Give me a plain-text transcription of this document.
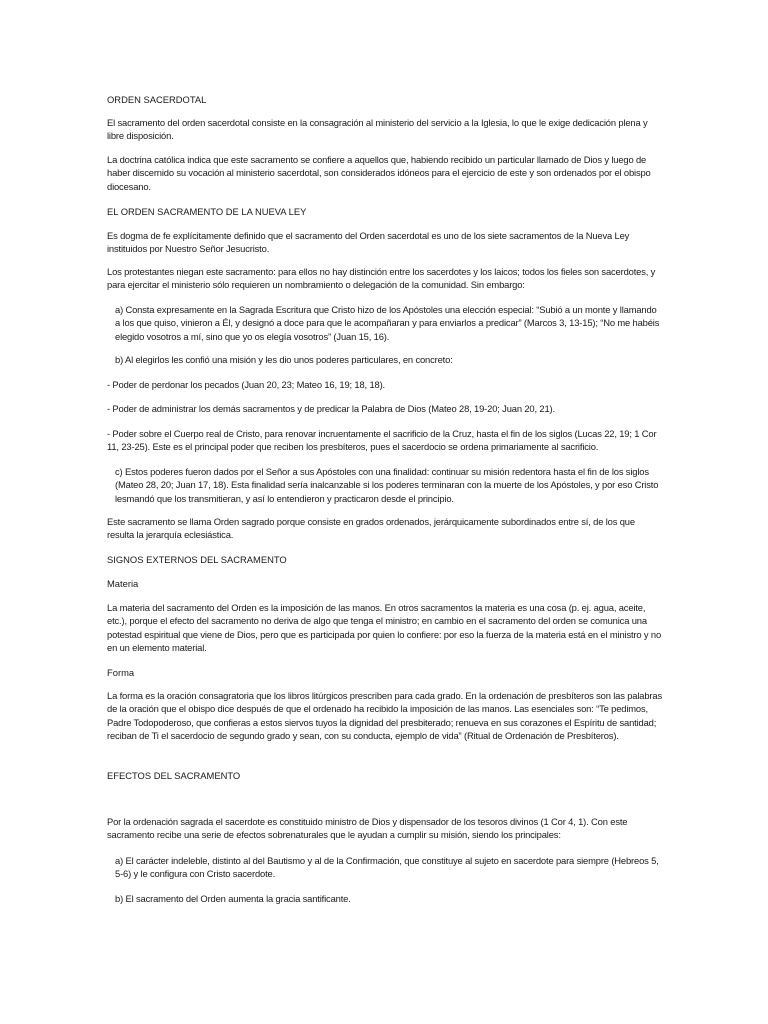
ORDEN SACERDOTAL

El sacramento del orden sacerdotal consiste en la consagración al ministerio del servicio a la Iglesia, lo que le exige dedicación plena y libre disposición.

La doctrina católica indica que este sacramento se confiere a aquellos que, habiendo recibido un particular llamado de Dios y luego de haber discernido su vocación al ministerio sacerdotal, son considerados idóneos para el ejercicio de este y son ordenados por el obispo diocesano.

EL ORDEN SACRAMENTO DE LA NUEVA LEY

Es dogma de fe explícitamente definido que el sacramento del Orden sacerdotal es uno de los siete sacramentos de la Nueva Ley instituidos por Nuestro Señor Jesucristo.

Los protestantes niegan este sacramento: para ellos no hay distinción entre los sacerdotes y los laicos; todos los fieles son sacerdotes, y para ejercitar el ministerio sólo requieren un nombramiento o delegación de la comunidad. Sin embargo:

a) Consta expresamente en la Sagrada Escritura que Cristo hizo de los Apóstoles una elección especial: “Subió a un monte y llamando a los que quiso, vinieron a Él, y designó a doce para que le acompañaran y para enviarlos a predicar” (Marcos 3, 13-15); “No me habéis elegido vosotros a mí, sino que yo os elegía vosotros” (Juan 15, 16).

b) Al elegirlos les confió una misión y les dio unos poderes particulares, en concreto:

- Poder de perdonar los pecados (Juan 20, 23; Mateo 16, 19; 18, 18).

- Poder de administrar los demás sacramentos y de predicar la Palabra de Dios (Mateo 28, 19-20; Juan 20, 21).

- Poder sobre el Cuerpo real de Cristo, para renovar incruentamente el sacrificio de la Cruz, hasta el fin de los siglos (Lucas 22, 19; 1 Cor 11, 23-25). Este es el principal poder que reciben los presbíteros, pues el sacerdocio se ordena primariamente al sacrificio.

c) Estos poderes fueron dados por el Señor a sus Apóstoles con una finalidad: continuar su misión redentora hasta el fin de los siglos (Mateo 28, 20; Juan 17, 18). Esta finalidad sería inalcanzable si los poderes terminaran con la muerte de los Apóstoles, y por eso Cristo lesmandó que los transmitieran, y así lo entendieron y practicaron desde el principio.

Este sacramento se llama Orden sagrado porque consiste en grados ordenados, jerárquicamente subordinados entre sí, de los que resulta la jerarquía eclesiástica.

SIGNOS EXTERNOS DEL SACRAMENTO

Materia

La materia del sacramento del Orden es la imposición de las manos. En otros sacramentos la materia es una cosa (p. ej. agua, aceite, etc.), porque el efecto del sacramento no deriva de algo que tenga el ministro; en cambio en el sacramento del orden se comunica una potestad espiritual que viene de Dios, pero que es participada por quien lo confiere: por eso la fuerza de la materia está en el ministro y no en un elemento material.

Forma

La forma es la oración consagratoria que los libros litúrgicos prescriben para cada grado. En la ordenación de presbíteros son las palabras de la oración que el obispo dice después de que el ordenado ha recibido la imposición de las manos. Las esenciales son: “Te pedimos, Padre Todopoderoso, que confieras a estos siervos tuyos la dignidad del presbiterado; renueva en sus corazones el Espíritu de santidad; reciban de Ti el sacerdocio de segundo grado y sean, con su conducta, ejemplo de vida” (Ritual de Ordenación de Presbíteros).

EFECTOS DEL SACRAMENTO

Por la ordenación sagrada el sacerdote es constituido ministro de Dios y dispensador de los tesoros divinos (1 Cor 4, 1). Con este sacramento recibe una serie de efectos sobrenaturales que le ayudan a cumplir su misión, siendo los principales:

a) El carácter indeleble, distinto al del Bautismo y al de la Confirmación, que constituye al sujeto en sacerdote para siempre (Hebreos 5, 5-6) y le configura con Cristo sacerdote.

b) El sacramento del Orden aumenta la gracia santificante.
